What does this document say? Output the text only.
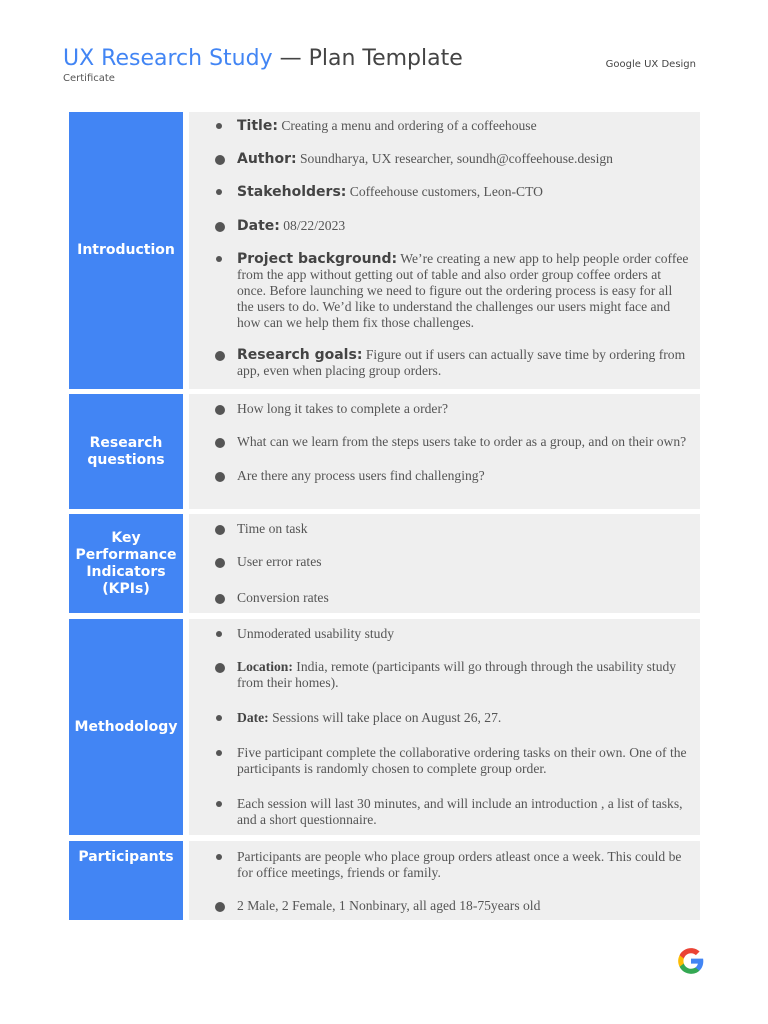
UX Research Study — Plan Template
Certificate
Google UX Design
Introduction
Title: Creating a menu and ordering of a coffeehouse
Author: Soundharya, UX researcher, soundh@coffeehouse.design
Stakeholders: Coffeehouse customers, Leon-CTO
Date: 08/22/2023
Project background: We’re creating a new app to help people order coffee from the app without getting out of table and also order group coffee orders at once. Before launching we need to figure out the ordering process is easy for all the users to do. We’d like to understand the challenges our users might face and how can we help them fix those challenges.
Research goals: Figure out if users can actually save time by ordering from app, even when placing group orders.
Research questions
How long it takes to complete a order?
What can we learn from the steps users take to order as a group, and on their own?
Are there any process users find challenging?
Key Performance Indicators (KPIs)
Time on task
User error rates
Conversion rates
Methodology
Unmoderated usability study
Location: India, remote (participants will go through through the usability study from their homes).
Date: Sessions will take place on August 26, 27.
Five participant complete the collaborative ordering tasks on their own. One of the participants is randomly chosen to complete group order.
Each session will last 30 minutes, and will include an introduction , a list of tasks, and a short questionnaire.
Participants	Participants are people who place group orders atleast once a week. This could be for office meetings, friends or family.
2 Male, 2 Female, 1 Nonbinary, all aged 18-75years old
